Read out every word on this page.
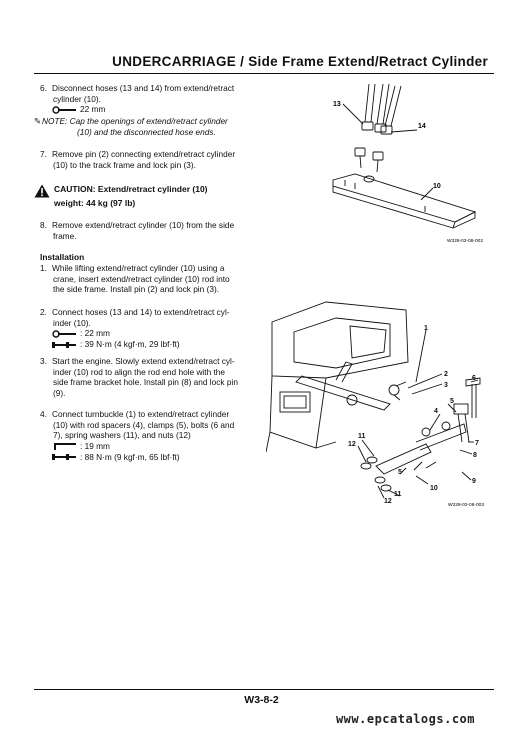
UNDERCARRIAGE / Side Frame Extend/Retract Cylinder
6. Disconnect hoses (13 and 14) from extend/retract
cylinder (10).
22 mm
✎NOTE: Cap the openings of extend/retract cylinder
(10) and the disconnected hose ends.
7. Remove pin (2) connecting extend/retract cylinder
(10) to the track frame and lock pin (3).
CAUTION: Extend/retract cylinder (10)
weight: 44 kg (97 lb)
8. Remove extend/retract cylinder (10) from the side
frame.
Installation
1. While lifting extend/retract cylinder (10) using a
crane, insert extend/retract cylinder (10) rod into
the side frame. Install pin (2) and lock pin (3).
2. Connect hoses (13 and 14) to extend/retract cyl-
inder (10).
: 22 mm
: 39 N·m (4 kgf·m, 29 lbf·ft)
3. Start the engine. Slowly extend extend/retract cyl-
inder (10) rod to align the rod end hole with the
side frame bracket hole. Install pin (8) and lock pin
(9).
4. Connect turnbuckle (1) to extend/retract cylinder
(10) with rod spacers (4), clamps (5), bolts (6 and
7), spring washers (11), and nuts (12)
: 19 mm
: 88 N·m (9 kgf·m, 65 lbf·ft)
13
14
10
W328-03-08-002
1
2
3
4
5
6
7
8
9
10
11
12
5
11
12
W328-03-08-003
W3-8-2
www.epcatalogs.com
